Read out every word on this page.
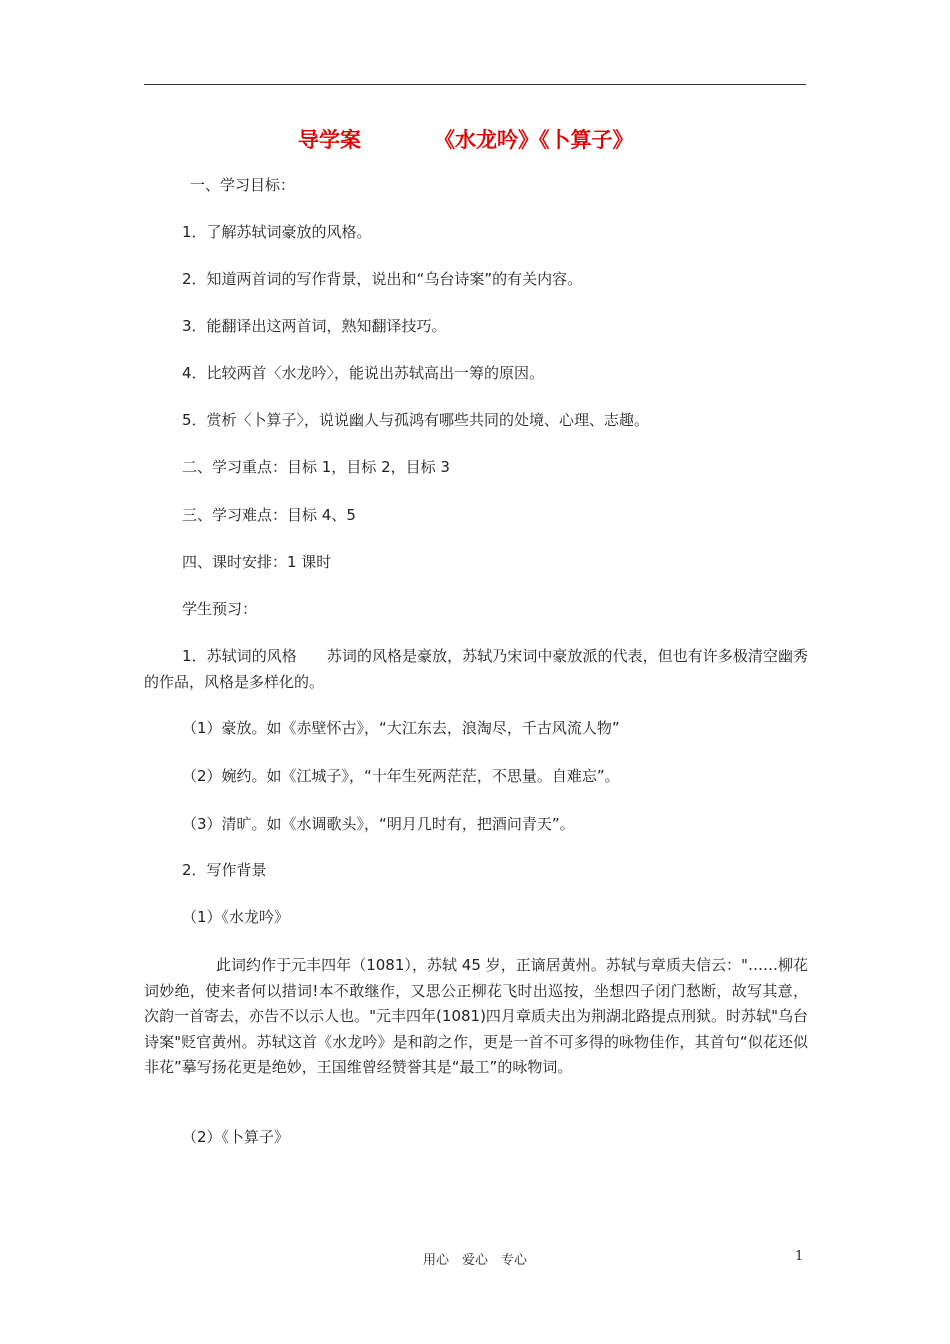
导学案	《水龙吟》《卜算子》
一、学习目标：
1．了解苏轼词豪放的风格。
2．知道两首词的写作背景，说出和“乌台诗案”的有关内容。
3．能翻译出这两首词，熟知翻译技巧。
4．比较两首〈水龙吟〉，能说出苏轼高出一筹的原因。
5．赏析〈卜算子〉，说说幽人与孤鸿有哪些共同的处境、心理、志趣。
二、学习重点：目标 1，目标 2，目标 3
三、学习难点：目标 4、5
四、课时安排：1 课时
学生预习：
1．苏轼词的风格　　苏词的风格是豪放，苏轼乃宋词中豪放派的代表，但也有许多极清空幽秀的作品，风格是多样化的。
（1）豪放。如《赤壁怀古》，“大江东去，浪淘尽，千古风流人物”
（2）婉约。如《江城子》，“十年生死两茫茫，不思量。自难忘”。
（3）清旷。如《水调歌头》，“明月几时有，把酒问青天”。
2．写作背景
（1）《水龙吟》
此词约作于元丰四年（1081），苏轼 45 岁，正谪居黄州。苏轼与章质夫信云："……柳花词妙绝，使来者何以措词!本不敢继作，又思公正柳花飞时出巡按，坐想四子闭门愁断，故写其意，次韵一首寄去，亦告不以示人也。"元丰四年(1081)四月章质夫出为荆湖北路提点刑狱。时苏轼"乌台诗案"贬官黄州。苏轼这首《水龙吟》是和韵之作，更是一首不可多得的咏物佳作，其首句“似花还似非花”摹写扬花更是绝妙，王国维曾经赞誉其是“最工”的咏物词。
（2）《卜算子》
用心　爱心　专心	1
